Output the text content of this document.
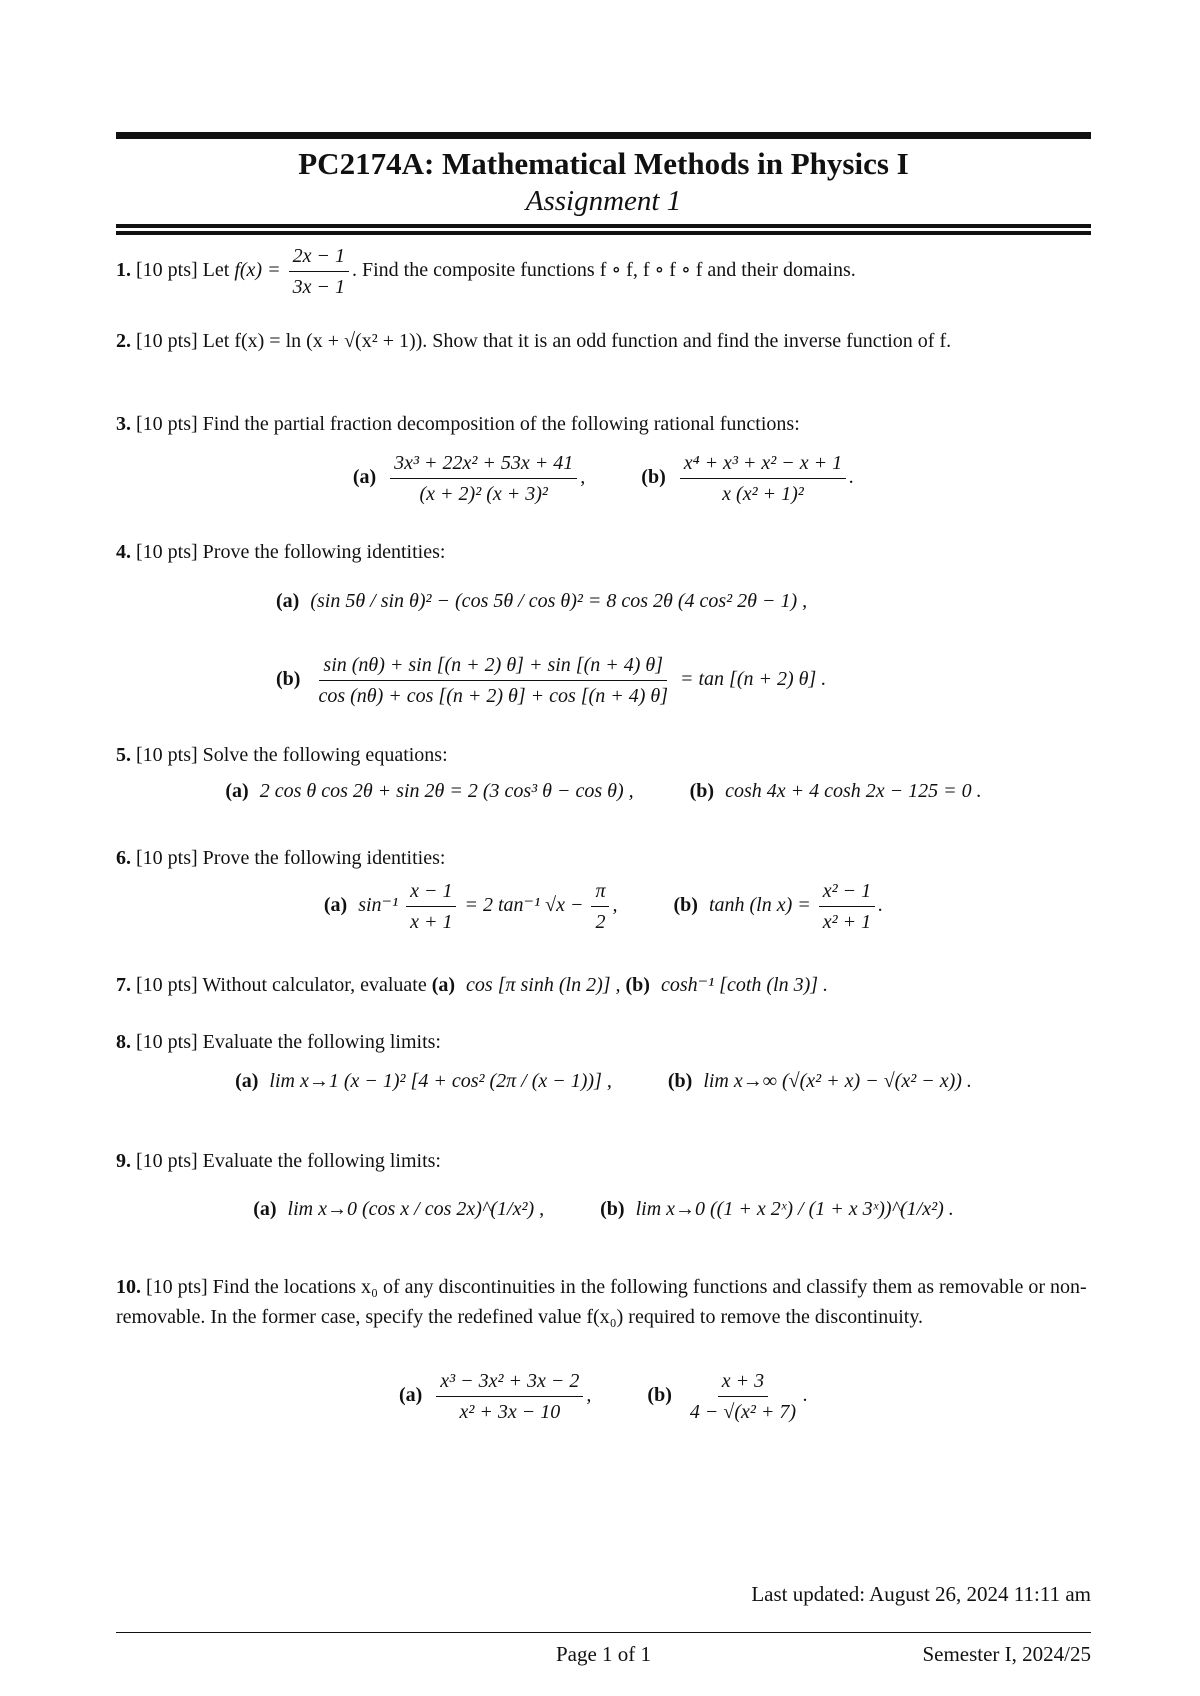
PC2174A: Mathematical Methods in Physics I
Assignment 1
1. [10 pts] Let $f(x) = \frac{2x - 1}{3x - 1}$ . Find the composite functions f ∘ f, f ∘ f ∘ f and their domains.
2. [10 pts] Let f(x) = ln (x + √(x² + 1)). Show that it is an odd function and find the inverse function of f.
3. [10 pts] Find the partial fraction decomposition of the following rational functions:
$(a) \frac{\text{3x³ + 22x² + 53x + 41}}{\text{(x + 2)² (x + 3)²}}$ ,	$(b) \frac{\text{x⁴ + x³ + x² − x + 1}}{\text{x (x² + 1)²}}$ .
4. [10 pts] Prove the following identities:
(a) (sin 5θ / sin θ)² − (cos 5θ / cos θ)² = 8 cos 2θ (4 cos² 2θ − 1) ,
$(b) \frac{\sin (n\theta) + \sin [(n + 2) \theta] + \sin [(n + 4) \theta]}{\cos (n\theta) + \cos [(n + 2) \theta] + \cos [(n + 4) \theta]} = \tan [(n + 2)$ θ] .
5. [10 pts] Solve the following equations:
(a) 2 cos θ cos 2θ + sin 2θ = 2 (3 cos³ θ − cos θ) ,	(b) cosh 4x + 4 cosh 2x − 125 = 0 .
6. [10 pts] Prove the following identities:
(a) $\sin^{-1} \frac{x - 1}{x + 1} = 2$ tan⁻¹ $√x - \frac{\pi}{2}$ ,	(b) tanh (ln $x) = \frac{\text{x² − 1}}{\text{x² + 1}}$ .
7. [10 pts] Without calculator, evaluate (a) cos [π sinh (ln 2)] , (b) cosh⁻¹ [coth (ln 3)] .
8. [10 pts] Evaluate the following limits:
(a) lim x→1 (x − 1)² [4 + cos² (2π / (x − 1))] ,	(b) lim x→∞ (√(x² + x) − √(x² − x)) .
9. [10 pts] Evaluate the following limits:
(a) lim x→0 (cos x / cos 2x)^(1/x²) ,	(b) lim x→0 ((1 + x 2ˣ) / (1 + x 3ˣ))^(1/x²) .
10. [10 pts] Find the locations x₀ of any discontinuities in the following functions and classify them as removable or non-removable. In the former case, specify the redefined value f(x₀) required to remove the discontinuity.
$(a) \frac{\text{x³ − 3x² + 3x − 2}}{\text{x² + 3x − 10}}$ ,	$(b) \frac{x + 3}{\text{4 − √(x² + 7)}}$ .
Last updated: August 26, 2024 11:11 am
Page 1 of 1	Semester I, 2024/25
